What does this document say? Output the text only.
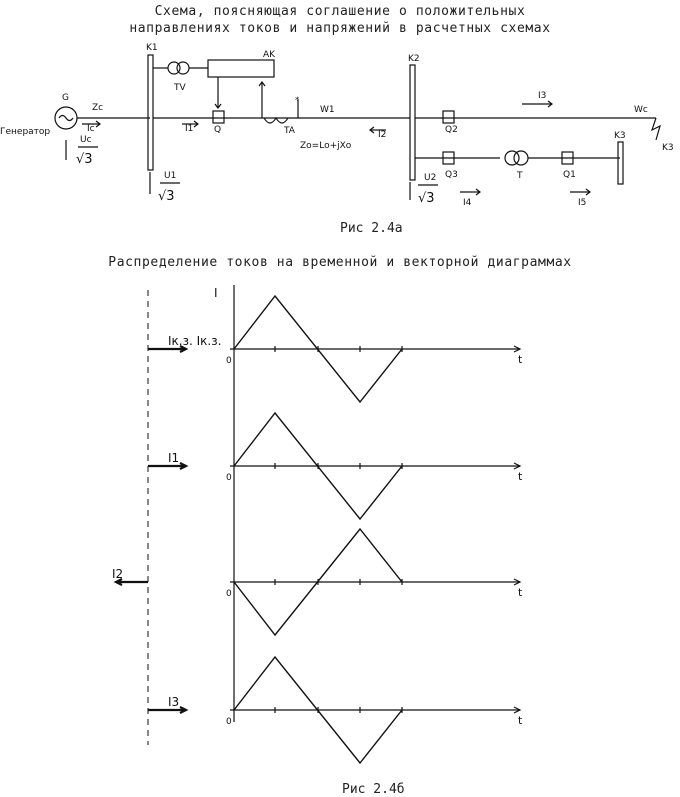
Схема, поясняющая соглашение о положительных
направлениях токов и напряжений в расчетных схемах
G
Генератор
Zc
Ic
Uc
√3
K1
U1
√3
TV
AK
Q
I1	TA
*
W1
Zo=Lo+jXo
I2
K2
Q2
I3
Wc
K3
Q3	T	Q1
K3
U2
√3	I4	I5
Рис 2.4а
Распределение токов на временной и векторной диаграммах
I
0	t
Iк.з. Iк.з.
0	t
I1
0	t
I2
0	t
I3
Рис 2.4б
